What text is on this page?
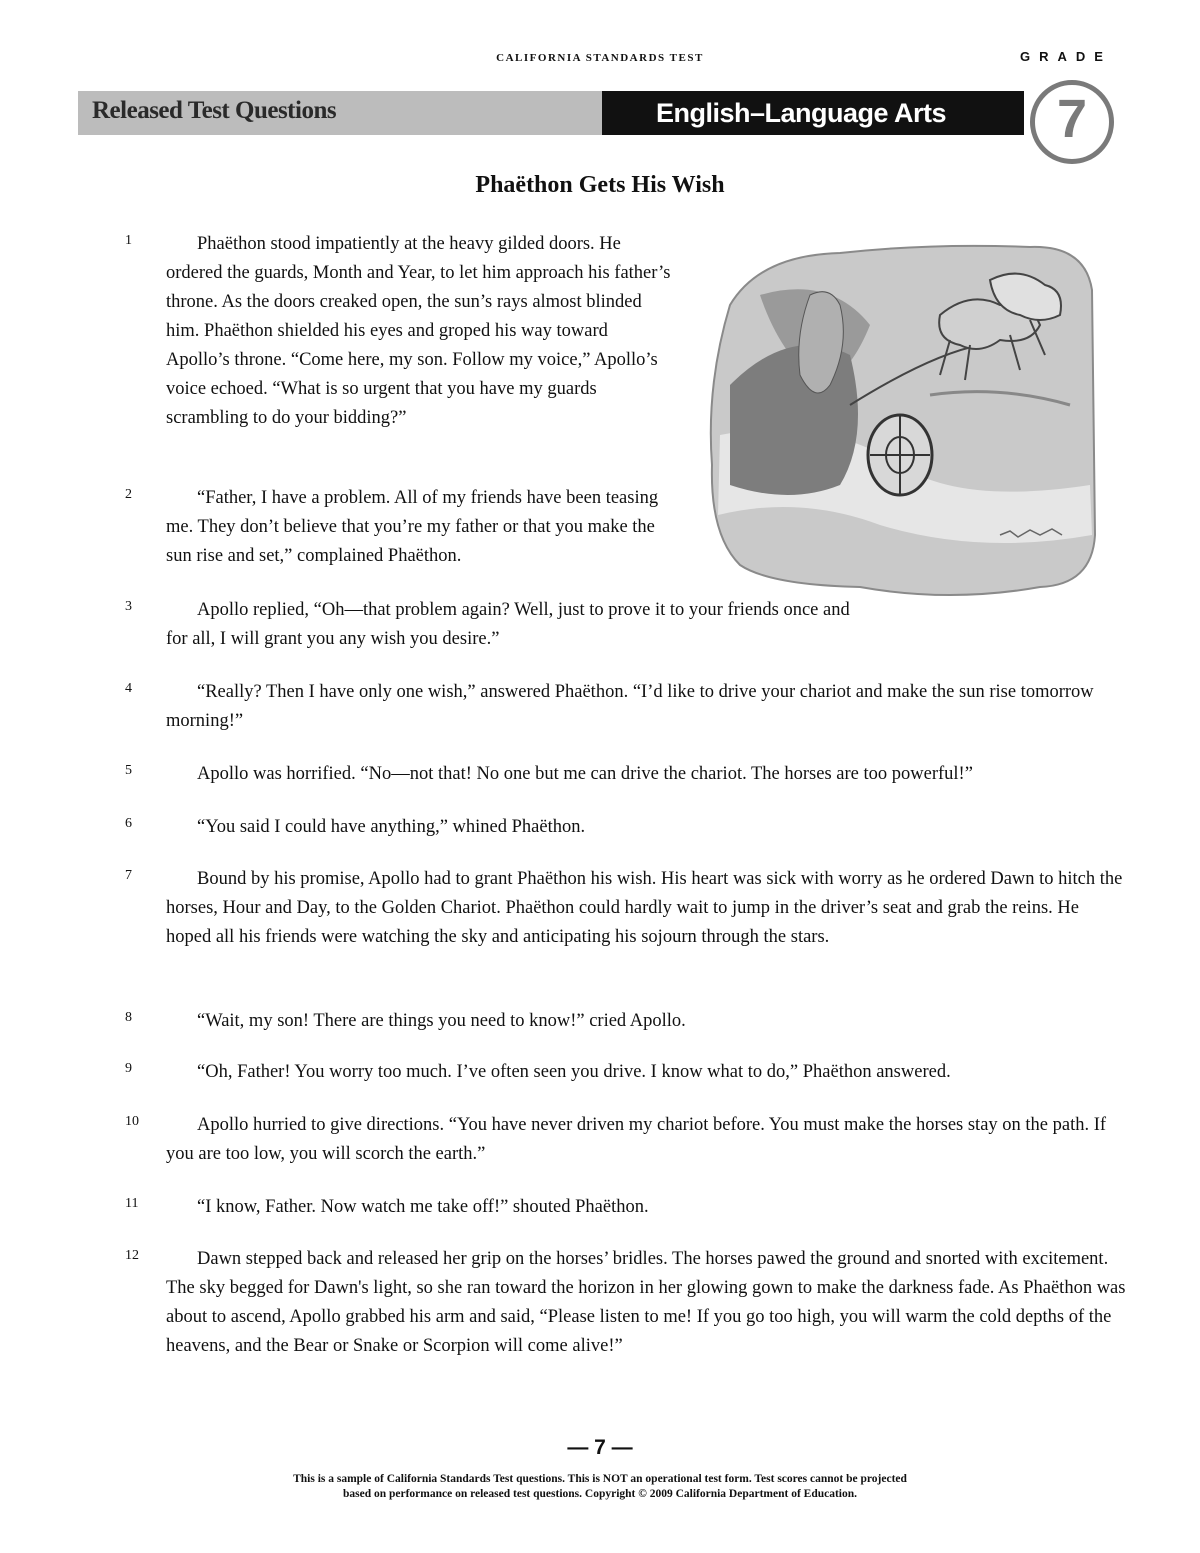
CALIFORNIA STANDARDS TEST	GRADE
Released Test Questions	English–Language Arts	7
Phaëthon Gets His Wish
1	Phaëthon stood impatiently at the heavy gilded doors. He ordered the guards, Month and Year, to let him approach his father’s throne. As the doors creaked open, the sun’s rays almost blinded him. Phaëthon shielded his eyes and groped his way toward Apollo’s throne. “Come here, my son. Follow my voice,” Apollo’s voice echoed. “What is so urgent that you have my guards scrambling to do your bidding?”

2	“Father, I have a problem. All of my friends have been teasing me. They don’t believe that you’re my father or that you make the sun rise and set,” complained Phaëthon.

3	Apollo replied, “Oh—that problem again? Well, just to prove it to your friends once and for all, I will grant you any wish you desire.”

4	“Really? Then I have only one wish,” answered Phaëthon. “I’d like to drive your chariot and make the sun rise tomorrow morning!”

5	Apollo was horrified. “No—not that! No one but me can drive the chariot. The horses are too powerful!”

6	“You said I could have anything,” whined Phaëthon.

7	Bound by his promise, Apollo had to grant Phaëthon his wish. His heart was sick with worry as he ordered Dawn to hitch the horses, Hour and Day, to the Golden Chariot. Phaëthon could hardly wait to jump in the driver’s seat and grab the reins. He hoped all his friends were watching the sky and anticipating his sojourn through the stars.

8	“Wait, my son! There are things you need to know!” cried Apollo.

9	“Oh, Father! You worry too much. I’ve often seen you drive. I know what to do,” Phaëthon answered.

10	Apollo hurried to give directions. “You have never driven my chariot before. You must make the horses stay on the path. If you are too low, you will scorch the earth.”

11	“I know, Father. Now watch me take off!” shouted Phaëthon.

12	Dawn stepped back and released her grip on the horses’ bridles. The horses pawed the ground and snorted with excitement. The sky begged for Dawn's light, so she ran toward the horizon in her glowing gown to make the darkness fade. As Phaëthon was about to ascend, Apollo grabbed his arm and said, “Please listen to me! If you go too high, you will warm the cold depths of the heavens, and the Bear or Snake or Scorpion will come alive!”

— 7 —
This is a sample of California Standards Test questions. This is NOT an operational test form. Test scores cannot be projected
based on performance on released test questions. Copyright © 2009 California Department of Education.
